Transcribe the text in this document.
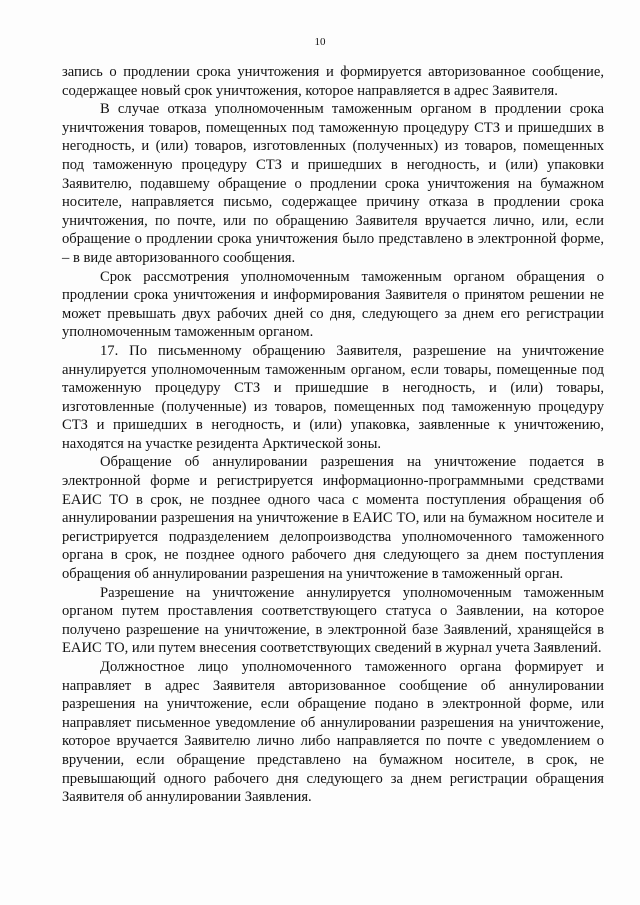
10

запись о продлении срока уничтожения и формируется авторизованное сообщение, содержащее новый срок уничтожения, которое направляется в адрес Заявителя.

В случае отказа уполномоченным таможенным органом в продлении срока уничтожения товаров, помещенных под таможенную процедуру СТЗ и пришедших в негодность, и (или) товаров, изготовленных (полученных) из товаров, помещенных под таможенную процедуру СТЗ и пришедших в негодность, и (или) упаковки Заявителю, подавшему обращение о продлении срока уничтожения на бумажном носителе, направляется письмо, содержащее причину отказа в продлении срока уничтожения, по почте, или по обращению Заявителя вручается лично, или, если обращение о продлении срока уничтожения было представлено в электронной форме, – в виде авторизованного сообщения.

Срок рассмотрения уполномоченным таможенным органом обращения о продлении срока уничтожения и информирования Заявителя о принятом решении не может превышать двух рабочих дней со дня, следующего за днем его регистрации уполномоченным таможенным органом.

17. По письменному обращению Заявителя, разрешение на уничтожение аннулируется уполномоченным таможенным органом, если товары, помещенные под таможенную процедуру СТЗ и пришедшие в негодность, и (или) товары, изготовленные (полученные) из товаров, помещенных под таможенную процедуру СТЗ и пришедших в негодность, и (или) упаковка, заявленные к уничтожению, находятся на участке резидента Арктической зоны.

Обращение об аннулировании разрешения на уничтожение подается в электронной форме и регистрируется информационно-программными средствами ЕАИС ТО в срок, не позднее одного часа с момента поступления обращения об аннулировании разрешения на уничтожение в ЕАИС ТО, или на бумажном носителе и регистрируется подразделением делопроизводства уполномоченного таможенного органа в срок, не позднее одного рабочего дня следующего за днем поступления обращения об аннулировании разрешения на уничтожение в таможенный орган.

Разрешение на уничтожение аннулируется уполномоченным таможенным органом путем проставления соответствующего статуса о Заявлении, на которое получено разрешение на уничтожение, в электронной базе Заявлений, хранящейся в ЕАИС ТО, или путем внесения соответствующих сведений в журнал учета Заявлений.

Должностное лицо уполномоченного таможенного органа формирует и направляет в адрес Заявителя авторизованное сообщение об аннулировании разрешения на уничтожение, если обращение подано в электронной форме, или направляет письменное уведомление об аннулировании разрешения на уничтожение, которое вручается Заявителю лично либо направляется по почте с уведомлением о вручении, если обращение представлено на бумажном носителе, в срок, не превышающий одного рабочего дня следующего за днем регистрации обращения Заявителя об аннулировании Заявления.
